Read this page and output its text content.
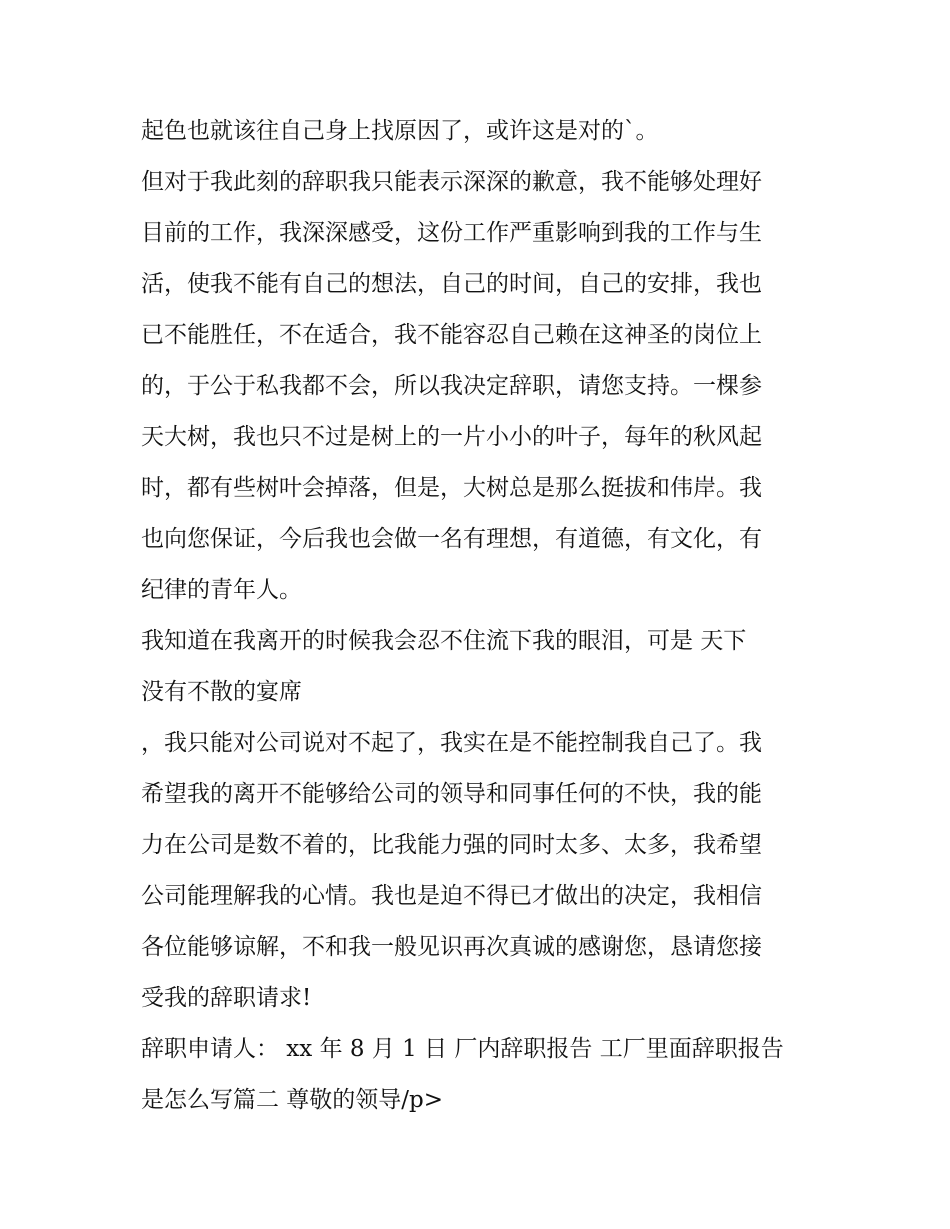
起色也就该往自己身上找原因了，或许这是对的`。
但对于我此刻的辞职我只能表示深深的歉意，我不能够处理好
目前的工作，我深深感受，这份工作严重影响到我的工作与生
活，使我不能有自己的想法，自己的时间，自己的安排，我也
已不能胜任，不在适合，我不能容忍自己赖在这神圣的岗位上
的，于公于私我都不会，所以我决定辞职，请您支持。一棵参
天大树，我也只不过是树上的一片小小的叶子，每年的秋风起
时，都有些树叶会掉落，但是，大树总是那么挺拔和伟岸。我
也向您保证，今后我也会做一名有理想，有道德，有文化，有
纪律的青年人。
我知道在我离开的时候我会忍不住流下我的眼泪，可是 天下
没有不散的宴席
，我只能对公司说对不起了，我实在是不能控制我自己了。我
希望我的离开不能够给公司的领导和同事任何的不快，我的能
力在公司是数不着的，比我能力强的同时太多、太多，我希望
公司能理解我的心情。我也是迫不得已才做出的决定，我相信
各位能够谅解，不和我一般见识再次真诚的感谢您，恳请您接
受我的辞职请求!
辞职申请人： xx 年 8 月 1 日 厂内辞职报告 工厂里面辞职报告
是怎么写篇二 尊敬的领导/p>
